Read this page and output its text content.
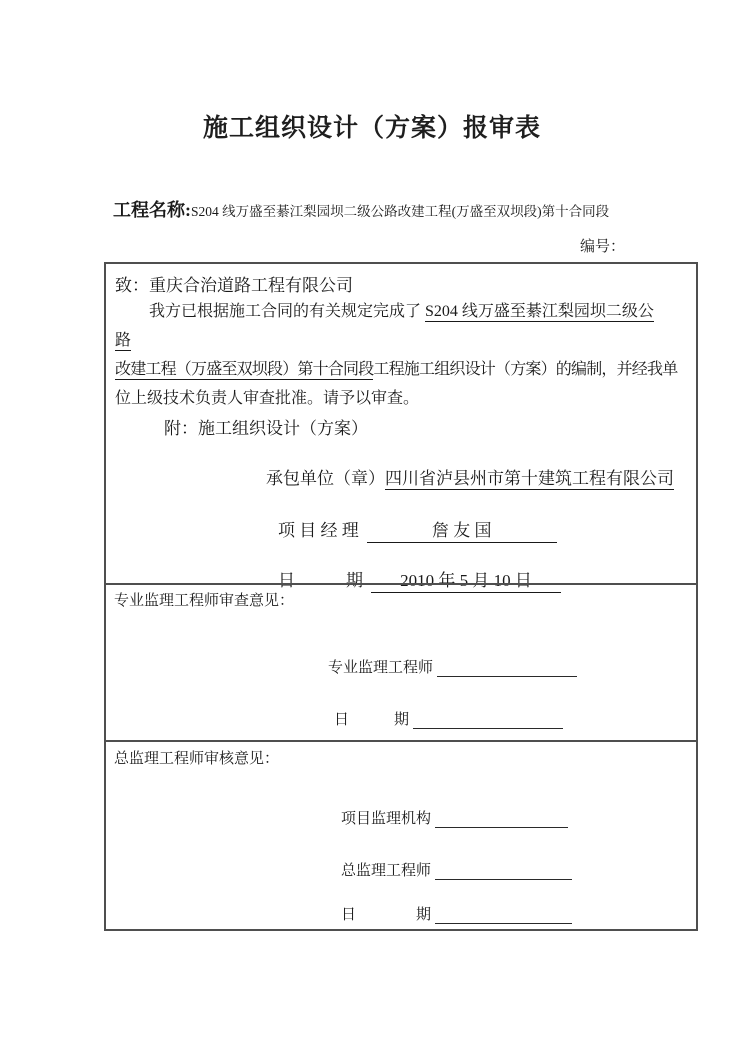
施工组织设计（方案）报审表
工程名称:S204 线万盛至綦江梨园坝二级公路改建工程(万盛至双坝段)第十合同段
编号：
致：重庆合治道路工程有限公司
我方已根据施工合同的有关规定完成了 S204 线万盛至綦江梨园坝二级公
路
改建工程（万盛至双坝段）第十合同段工程施工组织设计（方案）的编制，并经我单
位上级技术负责人审查批准。请予以审查。
附：施工组织设计（方案）
承包单位（章）四川省泸县州市第十建筑工程有限公司
项 目 经 理	詹 友 国
日　　　期 2010 年 5 月 10 日
专业监理工程师审查意见：
专业监理工程师
日　　　期
总监理工程师审核意见：
项目监理机构
总监理工程师
日　　　　期
